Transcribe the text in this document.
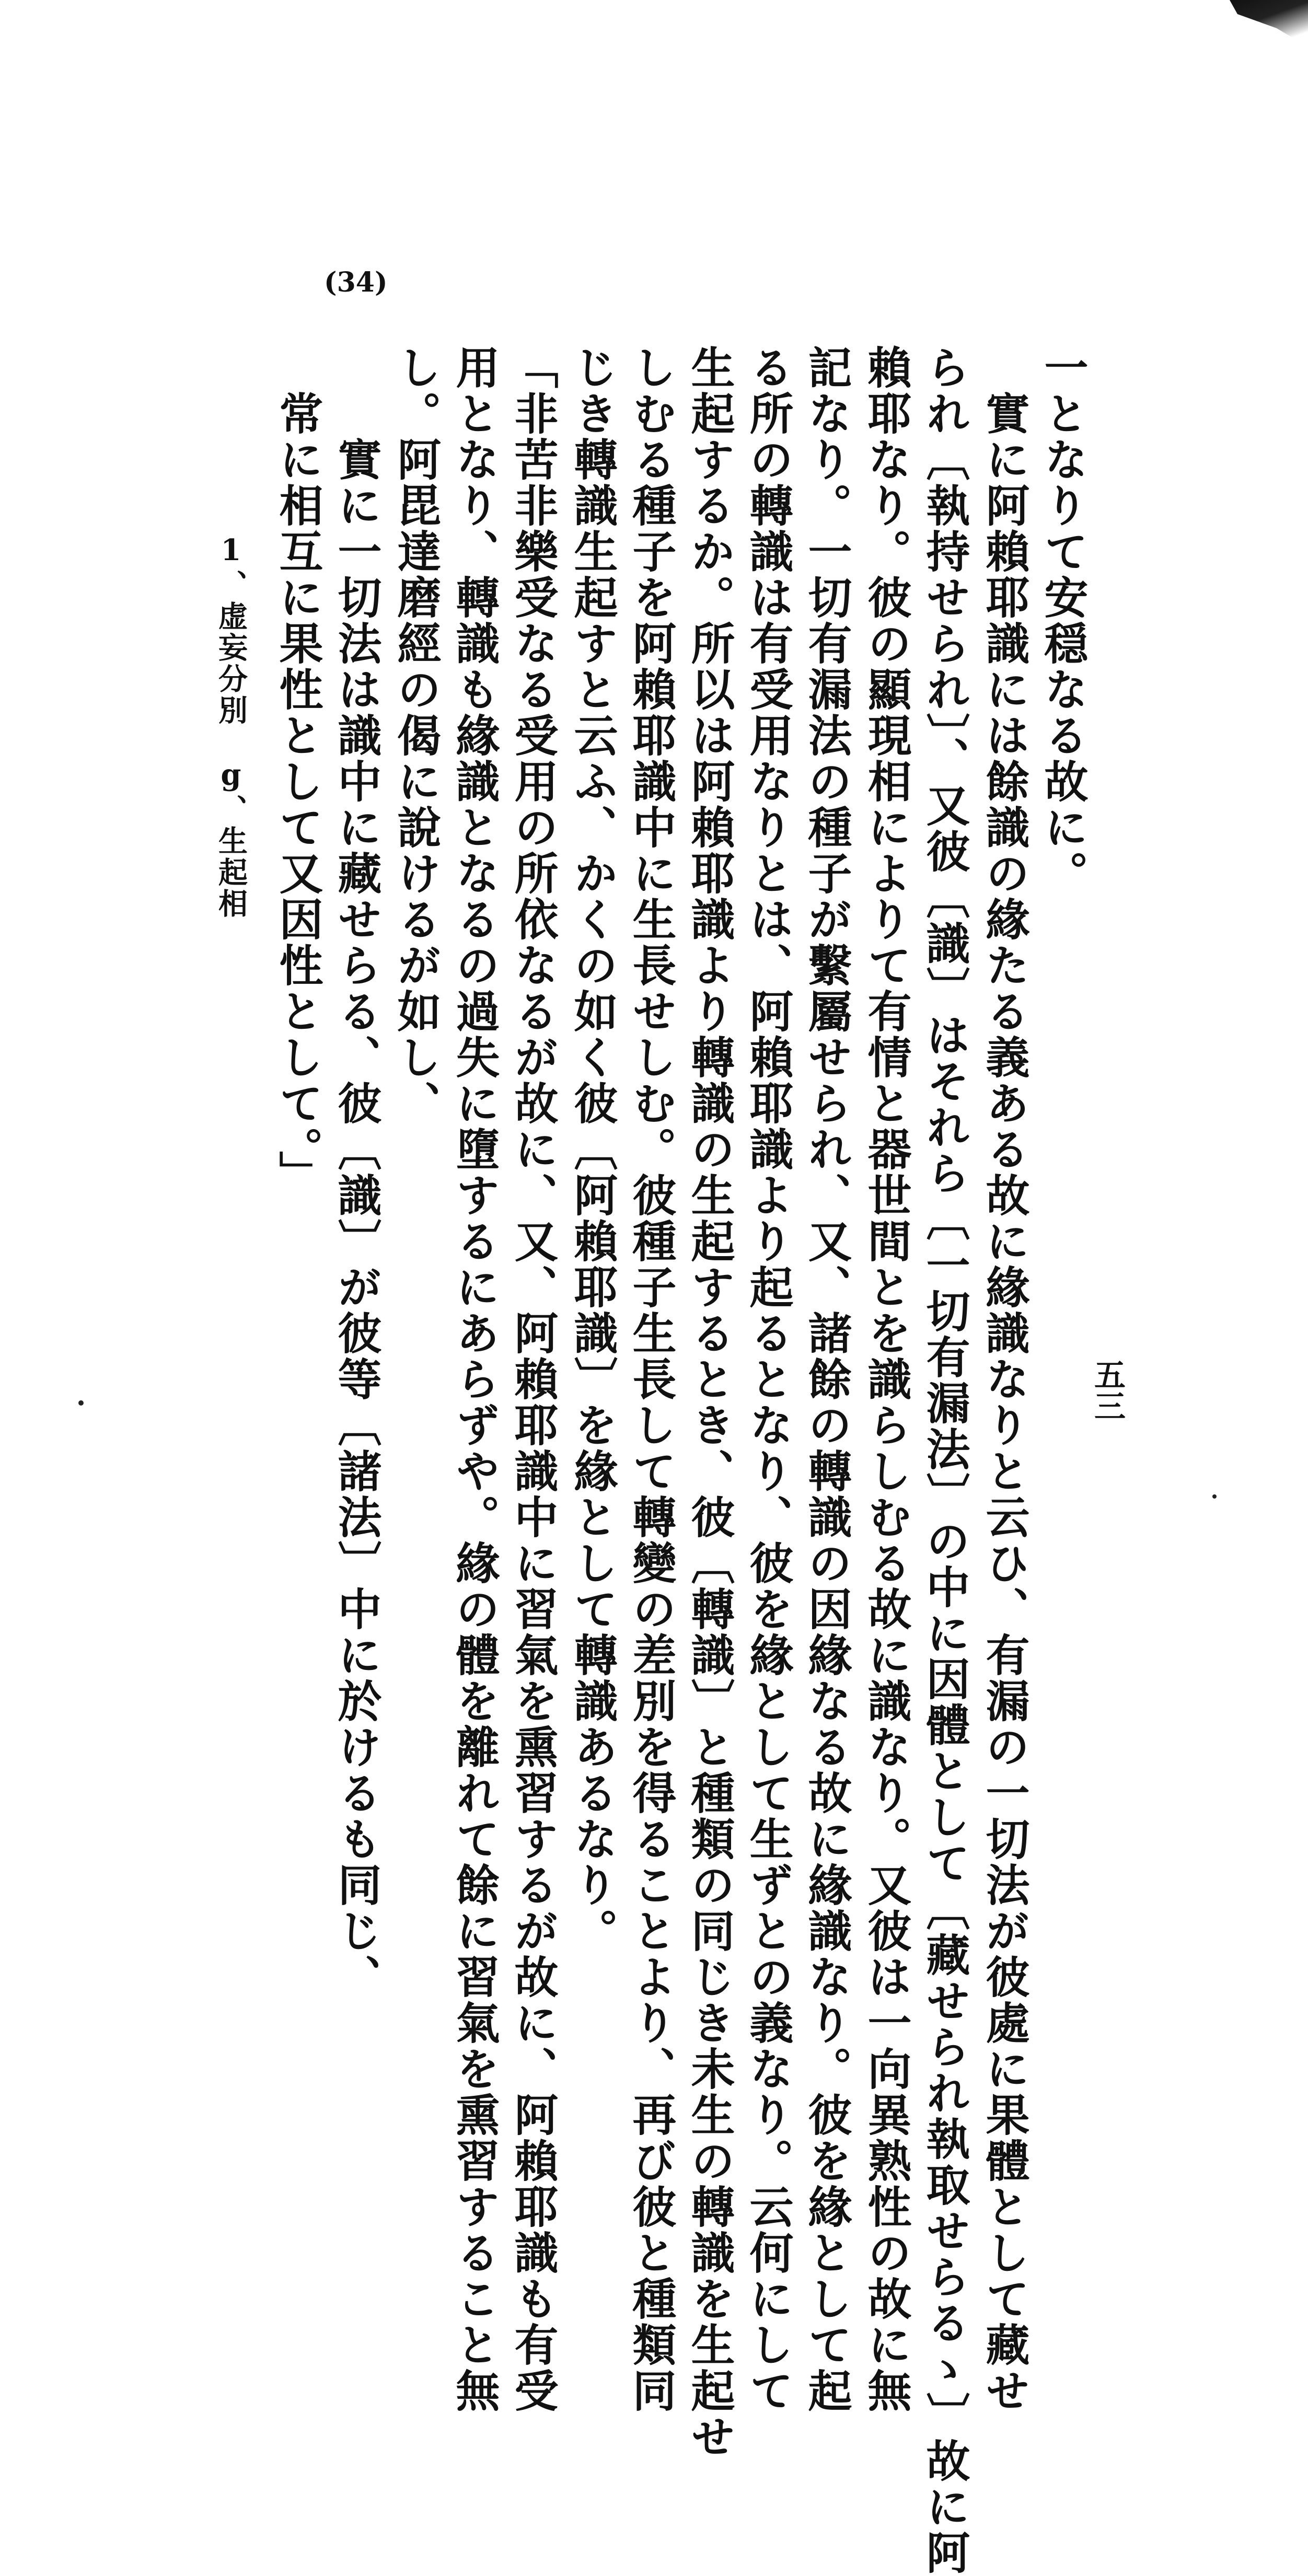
(34)
五三
一となりて安穏なる故に。
　實に阿賴耶識には餘識の緣たる義ある故に緣識なりと云ひ、有漏の一切法が彼處に果體として藏せ
られ〔執持せられ〕、又彼〔識〕はそれら〔一切有漏法〕の中に因體として〔藏せられ執取せらるゝ〕故に阿
賴耶なり。彼の顯現相によりて有情と器世間とを識らしむる故に識なり。又彼は一向異熟性の故に無
記なり。一切有漏法の種子が繫屬せられ、又、諸餘の轉識の因緣なる故に緣識なり。彼を緣として起
る所の轉識は有受用なりとは、阿賴耶識より起るとなり、彼を緣として生ずとの義なり。云何にして
生起するか。所以は阿賴耶識より轉識の生起するとき、彼〔轉識〕と種類の同じき未生の轉識を生起せ
しむる種子を阿賴耶識中に生長せしむ。彼種子生長して轉變の差別を得ることより、再び彼と種類同
じき轉識生起すと云ふ、かくの如く彼〔阿賴耶識〕を緣として轉識あるなり。
「非苦非樂受なる受用の所依なるが故に、又、阿賴耶識中に習氣を熏習するが故に、阿賴耶識も有受
用となり、轉識も緣識となるの過失に墮するにあらずや。緣の體を離れて餘に習氣を熏習すること無
し。阿毘達磨經の偈に說けるが如し、
　　實に一切法は識中に藏せらる、彼〔識〕が彼等〔諸法〕中に於けるも同じ、
　常に相互に果性として又因性として。」
1、虚妄分別　g、生起相
